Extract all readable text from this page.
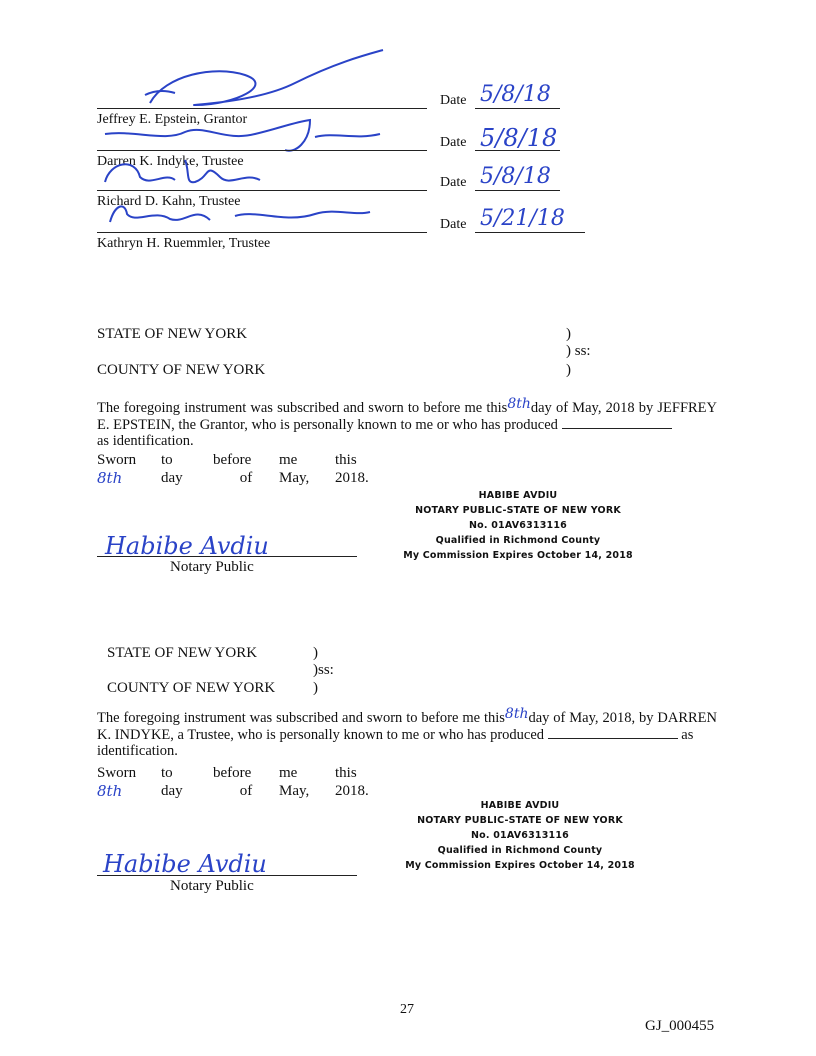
Date 5/8/18
Jeffrey E. Epstein, Grantor
Date 5/8/18
Darren K. Indyke, Trustee
Date 5/8/18
Richard D. Kahn, Trustee
Date 5/21/18
Kathryn H. Ruemmler, Trustee
STATE OF NEW YORK	)
) ss:
COUNTY OF NEW YORK	)
The foregoing instrument was subscribed and sworn to before me this8thday of May, 2018 by JEFFREY E. EPSTEIN, the Grantor, who is personally known to me or who has produced
as identification.
Sworn	to	before	me	this
8th	day	of	May,	2018.
Habibe Avdiu
Notary Public
HABIBE AVDIU
NOTARY PUBLIC-STATE OF NEW YORK
No. 01AV6313116
Qualified in Richmond County
My Commission Expires October 14, 2018
STATE OF NEW YORK	)
)ss:
COUNTY OF NEW YORK	)
The foregoing instrument was subscribed and sworn to before me this8thday of May, 2018, by DARREN K. INDYKE, a Trustee, who is personally known to me or who has produced	as
identification.
Sworn	to	before	me	this
8th	day	of	May,	2018.
Habibe Avdiu
Notary Public
HABIBE AVDIU
NOTARY PUBLIC-STATE OF NEW YORK
No. 01AV6313116
Qualified in Richmond County
My Commission Expires October 14, 2018
27
GJ_000455
